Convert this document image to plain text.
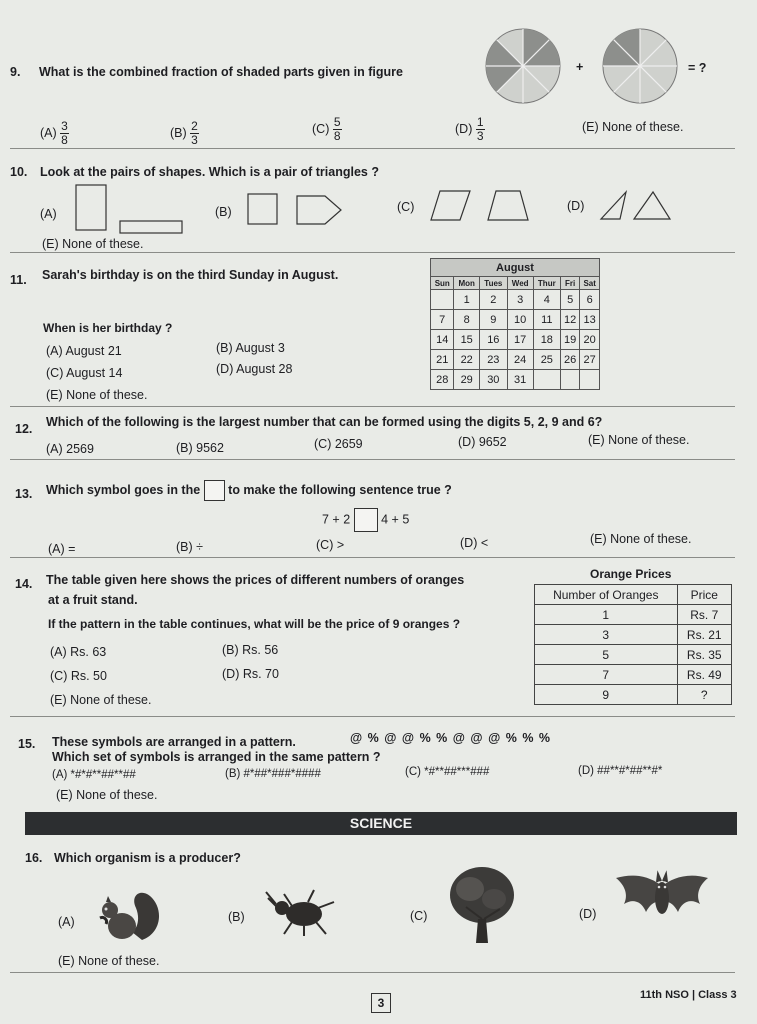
9. What is the combined fraction of shaded parts given in figure	+	= ?
$(A) \frac{3}{8}$	$(B) \frac{2}{3}$	$(C) \frac{5}{8}$	$(D) \frac{1}{3}$	(E) None of these.
10. Look at the pairs of shapes. Which is a pair of triangles ?
(A)	(B)	(C)	(D)
(E) None of these.
11. Sarah's birthday is on the third Sunday in August.
When is her birthday ?
(A) August 21	(B) August 3
(C) August 14	(D) August 28
(E) None of these.
August						
Sun	Mon	Tues	Wed	Thur	Fri	Sat
	1	2	3	4	5	6
7	8	9	10	11	12	13
14	15	16	17	18	19	20
21	22	23	24	25	26	27
28	29	30	31			
12. Which of the following is the largest number that can be formed using the digits 5, 2, 9 and 6?
(A) 2569	(B) 9562	(C) 2659	(D) 9652	(E) None of these.
13. Which symbol goes in the to make the following sentence true ?
7 + 2 4 + 5
(A) =	(B) ÷	(C) >	(D) <	(E) None of these.
14. The table given here shows the prices of different numbers of oranges
at a fruit stand.
If the pattern in the table continues, what will be the price of 9 oranges ?
(A) Rs. 63	(B) Rs. 56
(C) Rs. 50	(D) Rs. 70
(E) None of these.
Orange Prices
Number of Oranges	Price
1	Rs. 7
3	Rs. 21
5	Rs. 35
7	Rs. 49
9	?
15. These symbols are arranged in a pattern.	@ % @ @ % % @ @ @ % % %
Which set of symbols is arranged in the same pattern ?
(A) *#*#**##**##	(B) #*##*###*####	(C) *#**##***###	(D) ##**#*##**#*
(E) None of these.
SCIENCE
16. Which organism is a producer?
(A)	(B)	(C)	(D)
(E) None of these.
3
11th NSO | Class 3
